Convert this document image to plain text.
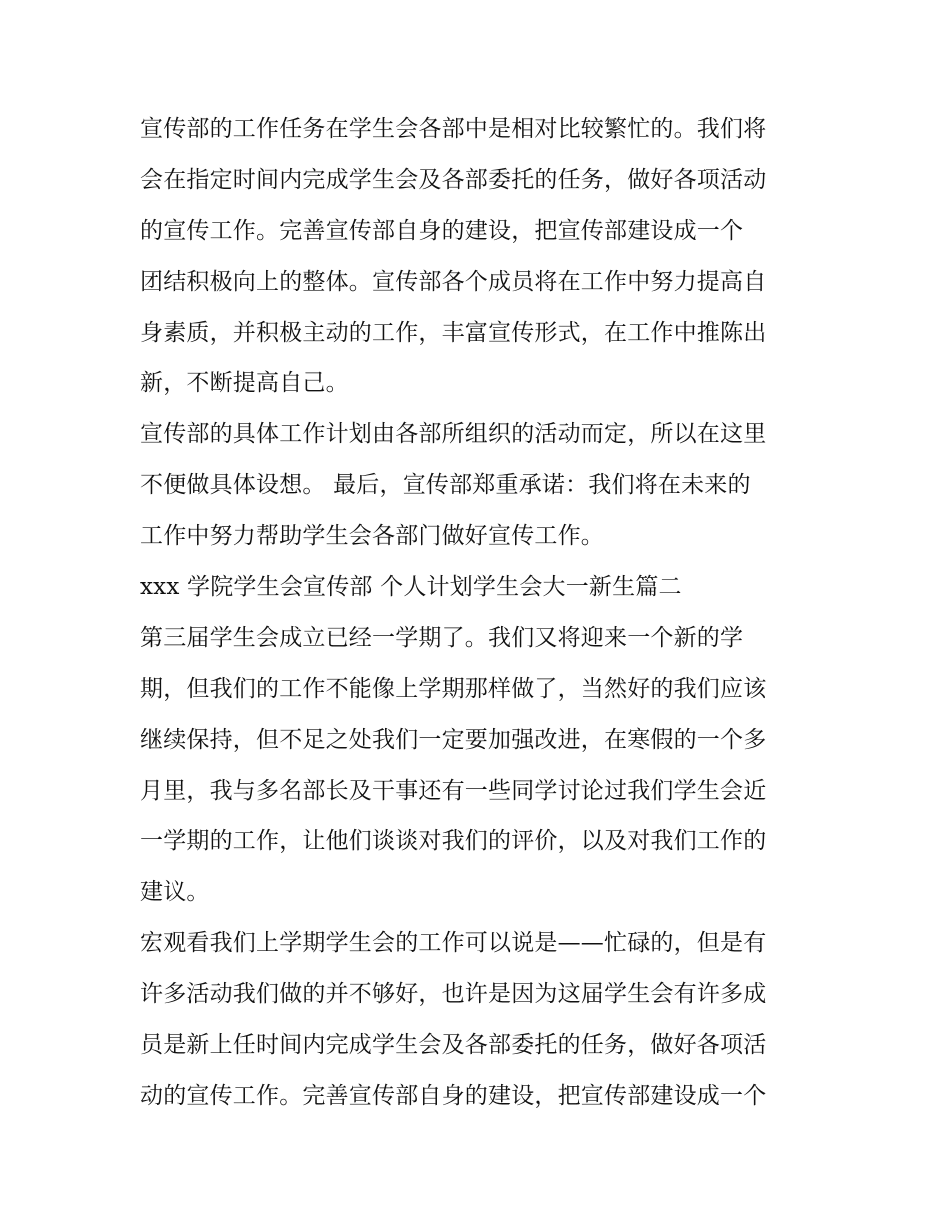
宣传部的工作任务在学生会各部中是相对比较繁忙的。我们将
会在指定时间内完成学生会及各部委托的任务，做好各项活动
的宣传工作。完善宣传部自身的建设，把宣传部建设成一个
团结积极向上的整体。宣传部各个成员将在工作中努力提高自
身素质，并积极主动的工作，丰富宣传形式，在工作中推陈出
新，不断提高自己。
宣传部的具体工作计划由各部所组织的活动而定，所以在这里
不便做具体设想。 最后，宣传部郑重承诺：我们将在未来的
工作中努力帮助学生会各部门做好宣传工作。
xxx 学院学生会宣传部 个人计划学生会大一新生篇二
第三届学生会成立已经一学期了。我们又将迎来一个新的学
期，但我们的工作不能像上学期那样做了，当然好的我们应该
继续保持，但不足之处我们一定要加强改进，在寒假的一个多
月里，我与多名部长及干事还有一些同学讨论过我们学生会近
一学期的工作，让他们谈谈对我们的评价，以及对我们工作的
建议。
宏观看我们上学期学生会的工作可以说是——忙碌的，但是有
许多活动我们做的并不够好，也许是因为这届学生会有许多成
员是新上任时间内完成学生会及各部委托的任务，做好各项活
动的宣传工作。完善宣传部自身的建设，把宣传部建设成一个
